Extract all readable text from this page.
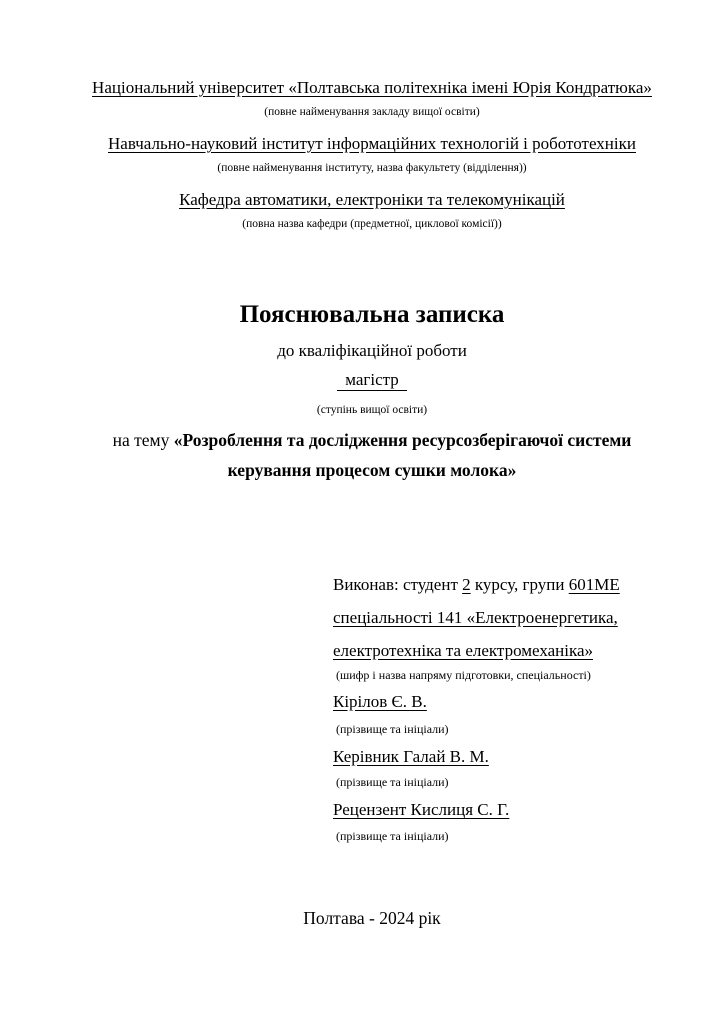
Національний університет «Полтавська політехніка імені Юрія Кондратюка»

(повне найменування закладу вищої освіти)

Навчально-науковий інститут інформаційних технологій і робототехніки

(повне найменування інституту, назва факультету (відділення))

Кафедра автоматики, електроніки та телекомунікацій

(повна назва кафедри (предметної, циклової комісії))

Пояснювальна записка

до кваліфікаційної роботи

магістр

(ступінь вищої освіти)

на тему «Розроблення та дослідження ресурсозберігаючої системи
керування процесом сушки молока»

Виконав: студент 2 курсу, групи 601МЕ

спеціальності 141 «Електроенергетика,

електротехніка та електромеханіка»

(шифр і назва напряму підготовки, спеціальності)

Кірілов Є. В.

(прізвище та ініціали)

Керівник Галай В. М.

(прізвище та ініціали)

Рецензент Кислиця С. Г.

(прізвище та ініціали)

Полтава - 2024 рік
